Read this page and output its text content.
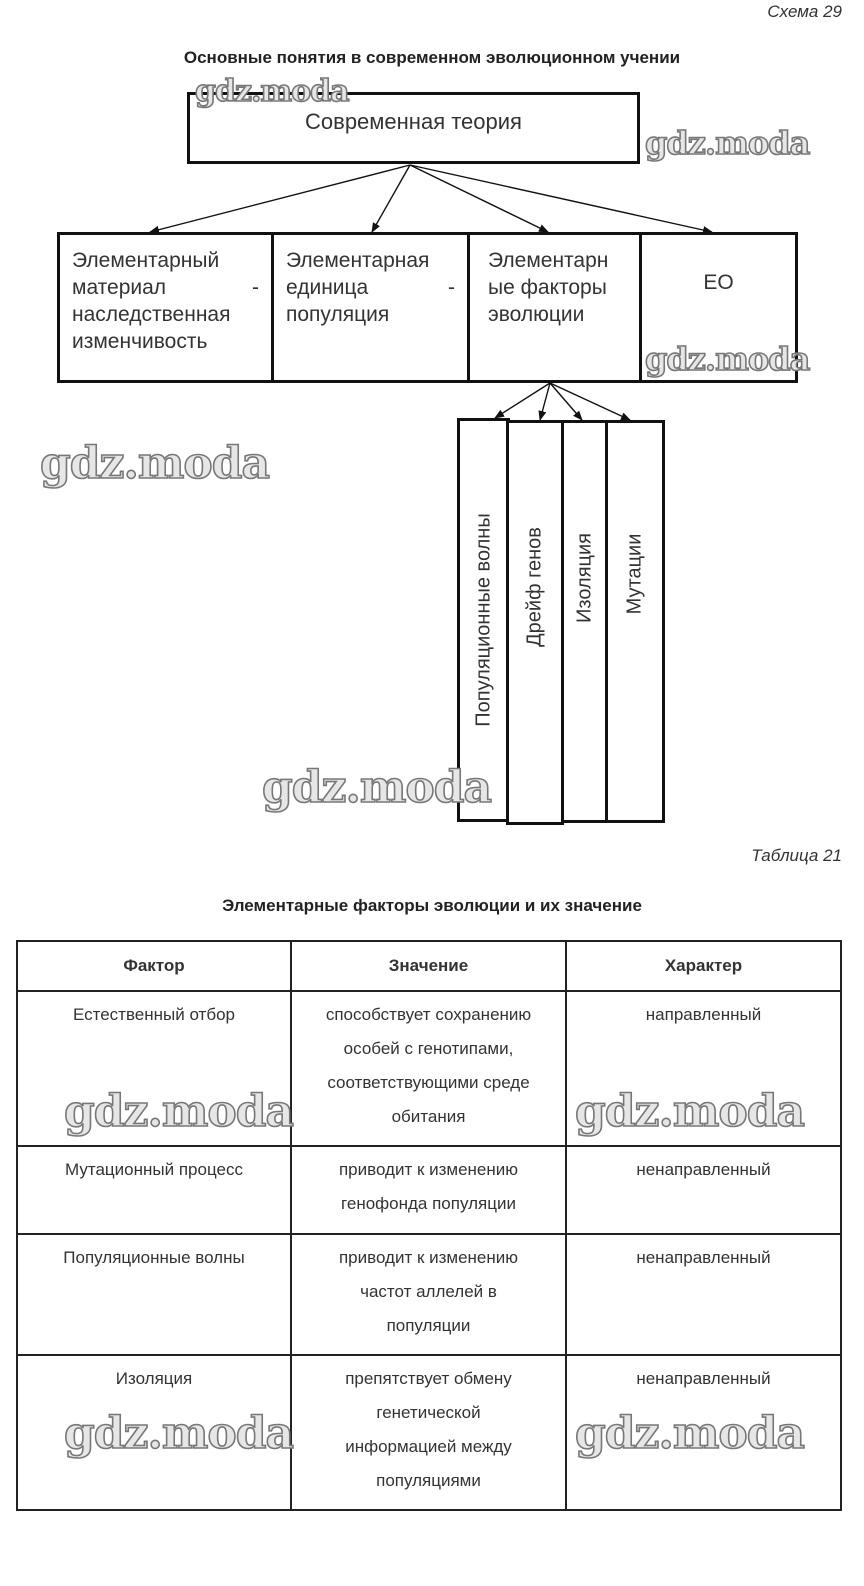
Схема 29
Основные понятия в современном эволюционном учении
Современная теория
Элементарный
материал	-
наследственная
изменчивость
Элементарная
единица	-
популяция
Элементарн
ые факторы
эволюции
ЕО
Популяционные волны Дрейф генов Изоляция Мутации
Таблица 21
Элементарные факторы эволюции и их значение
Фактор	Значение	Характер
Естественный отбор	способствует сохранению
особей с генотипами,
соответствующими среде
обитания	направленный
Мутационный процесс	приводит к изменению
генофонда популяции	ненаправленный
Популяционные волны	приводит к изменению
частот аллелей в
популяции	ненаправленный
Изоляция	препятствует обмену
генетической
информацией между
популяциями	ненаправленный
gdz.moda
gdz.moda
gdz.moda
gdz.moda
gdz.moda
gdz.moda	gdz.moda
gdz.moda	gdz.moda
